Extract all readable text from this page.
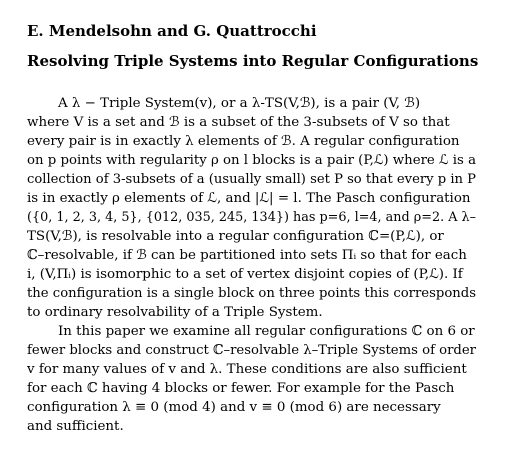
E. Mendelsohn and G. Quattrocchi
Resolving Triple Systems into Regular Configurations
A λ − Triple System(v), or a λ-TS(V,ℬ), is a pair (V, ℬ)
where V is a set and ℬ is a subset of the 3-subsets of V so that
every pair is in exactly λ elements of ℬ. A regular configuration
on p points with regularity ρ on l blocks is a pair (P,ℒ) where ℒ is a
collection of 3-subsets of a (usually small) set P so that every p in P
is in exactly ρ elements of ℒ, and |ℒ| = l. The Pasch configuration
({0, 1, 2, 3, 4, 5}, {012, 035, 245, 134}) has p=6, l=4, and ρ=2. A λ–
TS(V,ℬ), is resolvable into a regular configuration ℂ=(P,ℒ), or
ℂ–resolvable, if ℬ can be partitioned into sets Πᵢ so that for each
i, (V,Πᵢ) is isomorphic to a set of vertex disjoint copies of (P,ℒ). If
the configuration is a single block on three points this corresponds
to ordinary resolvability of a Triple System.
In this paper we examine all regular configurations ℂ on 6 or
fewer blocks and construct ℂ–resolvable λ–Triple Systems of order
v for many values of v and λ. These conditions are also sufficient
for each ℂ having 4 blocks or fewer. For example for the Pasch
configuration λ ≡ 0 (mod 4) and v ≡ 0 (mod 6) are necessary
and sufficient.
